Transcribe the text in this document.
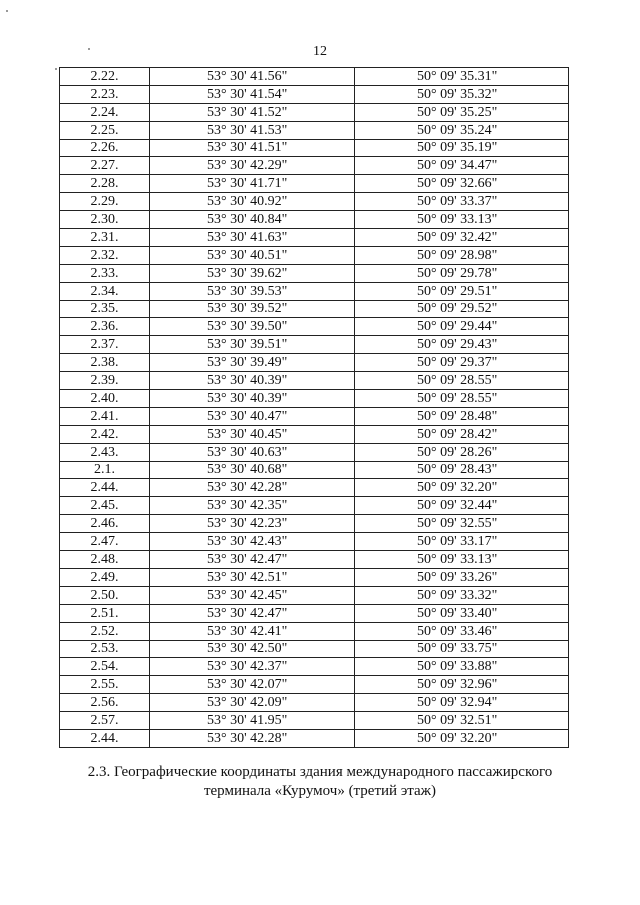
12
2.22.	53° 30' 41.56"	50° 09' 35.31"
2.23.	53° 30' 41.54"	50° 09' 35.32"
2.24.	53° 30' 41.52"	50° 09' 35.25"
2.25.	53° 30' 41.53"	50° 09' 35.24"
2.26.	53° 30' 41.51"	50° 09' 35.19"
2.27.	53° 30' 42.29"	50° 09' 34.47"
2.28.	53° 30' 41.71"	50° 09' 32.66"
2.29.	53° 30' 40.92"	50° 09' 33.37"
2.30.	53° 30' 40.84"	50° 09' 33.13"
2.31.	53° 30' 41.63"	50° 09' 32.42"
2.32.	53° 30' 40.51"	50° 09' 28.98"
2.33.	53° 30' 39.62"	50° 09' 29.78"
2.34.	53° 30' 39.53"	50° 09' 29.51"
2.35.	53° 30' 39.52"	50° 09' 29.52"
2.36.	53° 30' 39.50"	50° 09' 29.44"
2.37.	53° 30' 39.51"	50° 09' 29.43"
2.38.	53° 30' 39.49"	50° 09' 29.37"
2.39.	53° 30' 40.39"	50° 09' 28.55"
2.40.	53° 30' 40.39"	50° 09' 28.55"
2.41.	53° 30' 40.47"	50° 09' 28.48"
2.42.	53° 30' 40.45"	50° 09' 28.42"
2.43.	53° 30' 40.63"	50° 09' 28.26"
2.1.	53° 30' 40.68"	50° 09' 28.43"
2.44.	53° 30' 42.28"	50° 09' 32.20"
2.45.	53° 30' 42.35"	50° 09' 32.44"
2.46.	53° 30' 42.23"	50° 09' 32.55"
2.47.	53° 30' 42.43"	50° 09' 33.17"
2.48.	53° 30' 42.47"	50° 09' 33.13"
2.49.	53° 30' 42.51"	50° 09' 33.26"
2.50.	53° 30' 42.45"	50° 09' 33.32"
2.51.	53° 30' 42.47"	50° 09' 33.40"
2.52.	53° 30' 42.41"	50° 09' 33.46"
2.53.	53° 30' 42.50"	50° 09' 33.75"
2.54.	53° 30' 42.37"	50° 09' 33.88"
2.55.	53° 30' 42.07"	50° 09' 32.96"
2.56.	53° 30' 42.09"	50° 09' 32.94"
2.57.	53° 30' 41.95"	50° 09' 32.51"
2.44.	53° 30' 42.28"	50° 09' 32.20"
2.3. Географические координаты здания международного пассажирского
терминала «Курумоч» (третий этаж)
